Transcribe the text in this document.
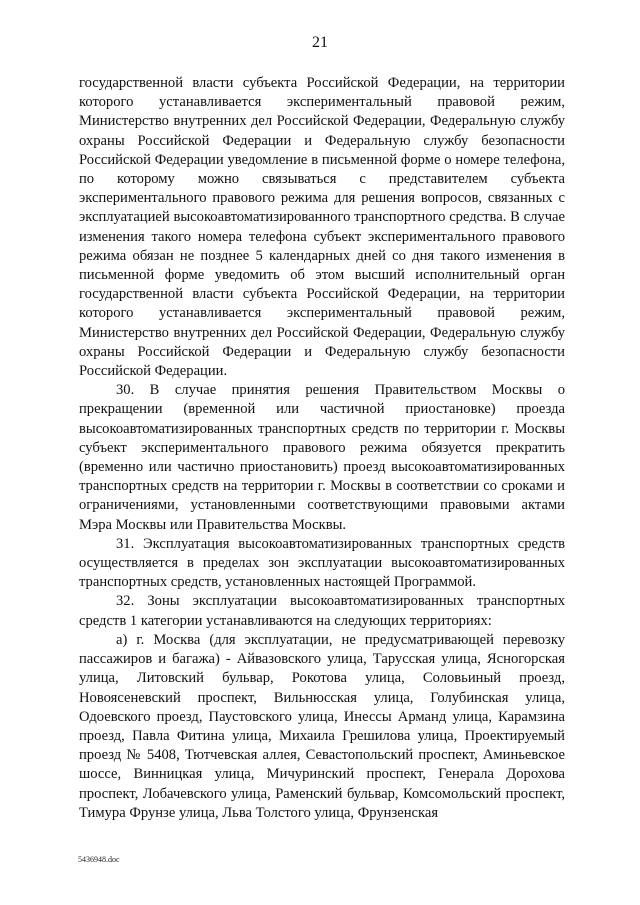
21

государственной власти субъекта Российской Федерации, на территории которого устанавливается экспериментальный правовой режим, Министерство внутренних дел Российской Федерации, Федеральную службу охраны Российской Федерации и Федеральную службу безопасности Российской Федерации уведомление в письменной форме о номере телефона, по которому можно связываться с представителем субъекта экспериментального правового режима для решения вопросов, связанных с эксплуатацией высокоавтоматизированного транспортного средства. В случае изменения такого номера телефона субъект экспериментального правового режима обязан не позднее 5 календарных дней со дня такого изменения в письменной форме уведомить об этом высший исполнительный орган государственной власти субъекта Российской Федерации, на территории которого устанавливается экспериментальный правовой режим, Министерство внутренних дел Российской Федерации, Федеральную службу охраны Российской Федерации и Федеральную службу безопасности Российской Федерации.

30. В случае принятия решения Правительством Москвы о прекращении (временной или частичной приостановке) проезда высокоавтоматизированных транспортных средств по территории г. Москвы субъект экспериментального правового режима обязуется прекратить (временно или частично приостановить) проезд высокоавтоматизированных транспортных средств на территории г. Москвы в соответствии со сроками и ограничениями, установленными соответствующими правовыми актами Мэра Москвы или Правительства Москвы.

31. Эксплуатация высокоавтоматизированных транспортных средств осуществляется в пределах зон эксплуатации высокоавтоматизированных транспортных средств, установленных настоящей Программой.

32. Зоны эксплуатации высокоавтоматизированных транспортных средств 1 категории устанавливаются на следующих территориях:

а) г. Москва (для эксплуатации, не предусматривающей перевозку пассажиров и багажа) - Айвазовского улица, Тарусская улица, Ясногорская улица, Литовский бульвар, Рокотова улица, Соловьиный проезд, Новоясеневский проспект, Вильнюсская улица, Голубинская улица, Одоевского проезд, Паустовского улица, Инессы Арманд улица, Карамзина проезд, Павла Фитина улица, Михаила Грешилова улица, Проектируемый проезд № 5408, Тютчевская аллея, Севастопольский проспект, Аминьевское шоссе, Винницкая улица, Мичуринский проспект, Генерала Дорохова проспект, Лобачевского улица, Раменский бульвар, Комсомольский проспект, Тимура Фрунзе улица, Льва Толстого улица, Фрунзенская

5436948.doc
